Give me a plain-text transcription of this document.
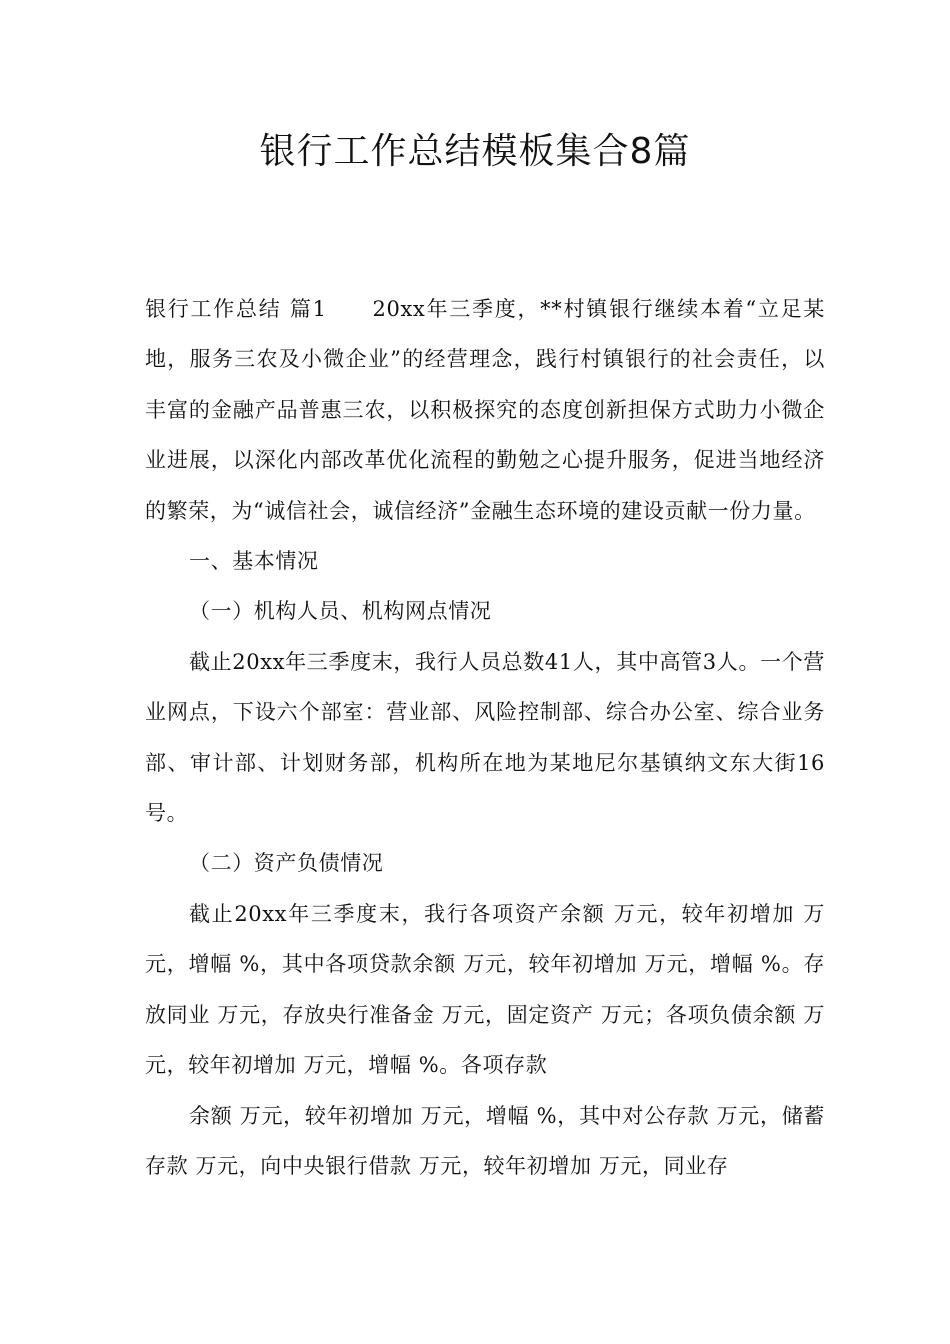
银行工作总结模板集合8篇

银行工作总结 篇1 20xx年三季度，**村镇银行继续本着“立足某地，服务三农及小微企业”的经营理念，践行村镇银行的社会责任，以丰富的金融产品普惠三农，以积极探究的态度创新担保方式助力小微企业进展，以深化内部改革优化流程的勤勉之心提升服务，促进当地经济的繁荣，为“诚信社会，诚信经济”金融生态环境的建设贡献一份力量。

一、基本情况

（一）机构人员、机构网点情况

截止20xx年三季度末，我行人员总数41人，其中高管3人。一个营业网点，下设六个部室：营业部、风险控制部、综合办公室、综合业务部、审计部、计划财务部，机构所在地为某地尼尔基镇纳文东大街16号。

（二）资产负债情况

截止20xx年三季度末，我行各项资产余额 万元，较年初增加 万元，增幅 %，其中各项贷款余额 万元，较年初增加 万元，增幅 %。存放同业 万元，存放央行准备金 万元，固定资产 万元；各项负债余额 万元，较年初增加 万元，增幅 %。各项存款

余额 万元，较年初增加 万元，增幅 %，其中对公存款 万元，储蓄存款 万元，向中央银行借款 万元，较年初增加 万元，同业存
